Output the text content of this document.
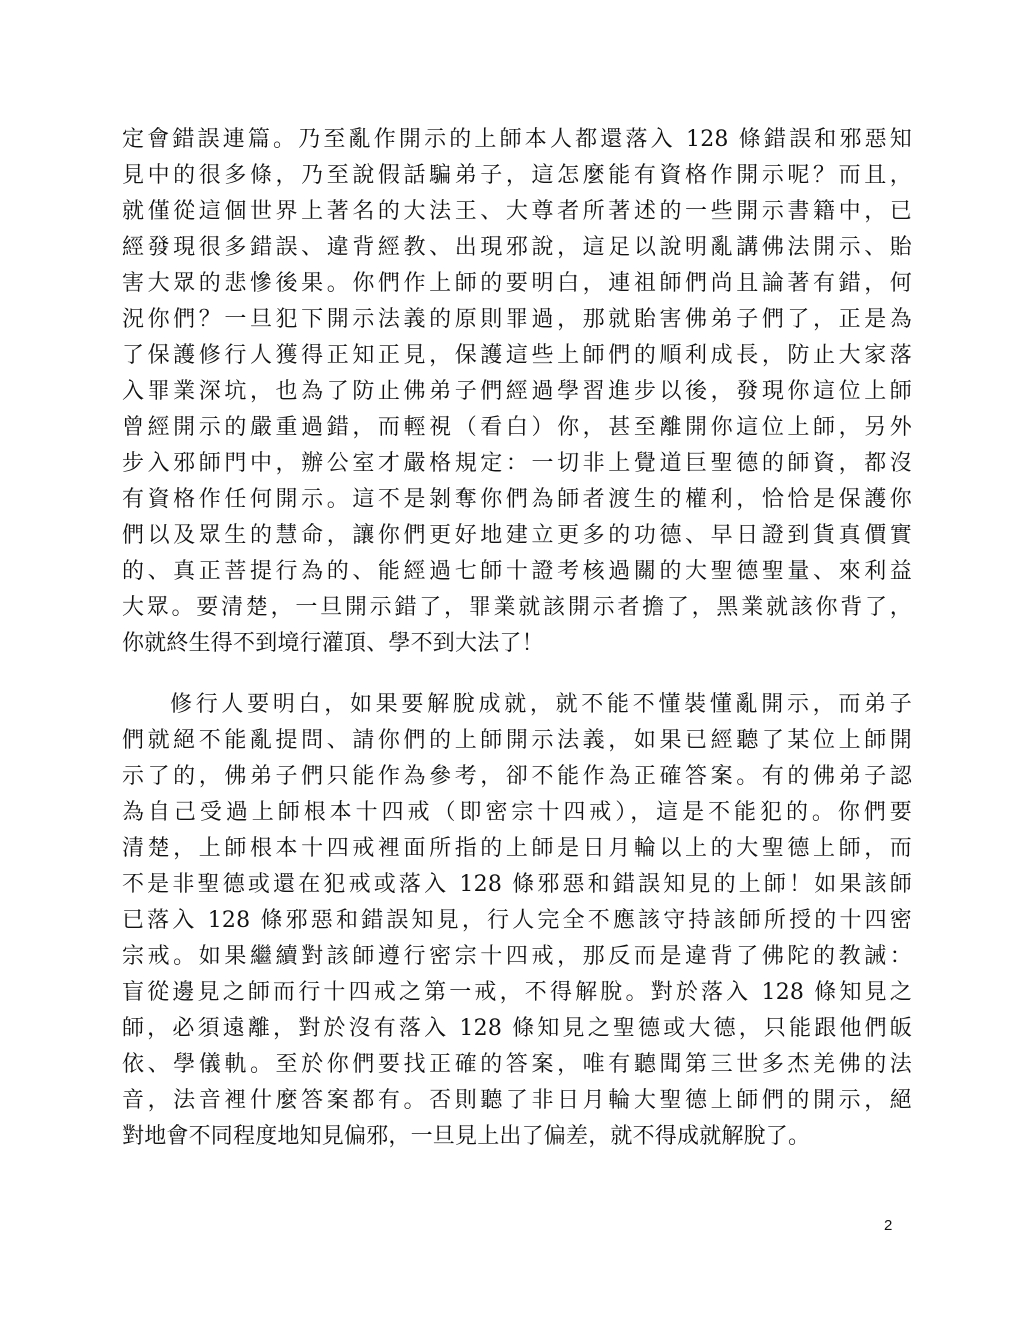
定會錯誤連篇。乃至亂作開示的上師本人都還落入 128 條錯誤和邪惡知
見中的很多條，乃至說假話騙弟子，這怎麼能有資格作開示呢？而且，
就僅從這個世界上著名的大法王、大尊者所著述的一些開示書籍中，已
經發現很多錯誤、違背經教、出現邪說，這足以說明亂講佛法開示、貽
害大眾的悲慘後果。你們作上師的要明白，連祖師們尚且論著有錯，何
況你們？一旦犯下開示法義的原則罪過，那就貽害佛弟子們了，正是為
了保護修行人獲得正知正見，保護這些上師們的順利成長，防止大家落
入罪業深坑，也為了防止佛弟子們經過學習進步以後，發現你這位上師
曾經開示的嚴重過錯，而輕視（看白）你，甚至離開你這位上師，另外
步入邪師門中，辦公室才嚴格規定：一切非上覺道巨聖德的師資，都沒
有資格作任何開示。這不是剝奪你們為師者渡生的權利，恰恰是保護你
們以及眾生的慧命，讓你們更好地建立更多的功德、早日證到貨真價實
的、真正菩提行為的、能經過七師十證考核過關的大聖德聖量、來利益
大眾。要清楚，一旦開示錯了，罪業就該開示者擔了，黑業就該你背了，
你就終生得不到境行灌頂、學不到大法了！
修行人要明白，如果要解脫成就，就不能不懂裝懂亂開示，而弟子
們就絕不能亂提問、請你們的上師開示法義，如果已經聽了某位上師開
示了的，佛弟子們只能作為參考，卻不能作為正確答案。有的佛弟子認
為自己受過上師根本十四戒（即密宗十四戒），這是不能犯的。你們要
清楚，上師根本十四戒裡面所指的上師是日月輪以上的大聖德上師，而
不是非聖德或還在犯戒或落入 128 條邪惡和錯誤知見的上師！如果該師
已落入 128 條邪惡和錯誤知見，行人完全不應該守持該師所授的十四密
宗戒。如果繼續對該師遵行密宗十四戒，那反而是違背了佛陀的教誡：
盲從邊見之師而行十四戒之第一戒，不得解脫。對於落入 128 條知見之
師，必須遠離，對於沒有落入 128 條知見之聖德或大德，只能跟他們皈
依、學儀軌。至於你們要找正確的答案，唯有聽聞第三世多杰羌佛的法
音，法音裡什麼答案都有。否則聽了非日月輪大聖德上師們的開示，絕
對地會不同程度地知見偏邪，一旦見上出了偏差，就不得成就解脫了。
2
